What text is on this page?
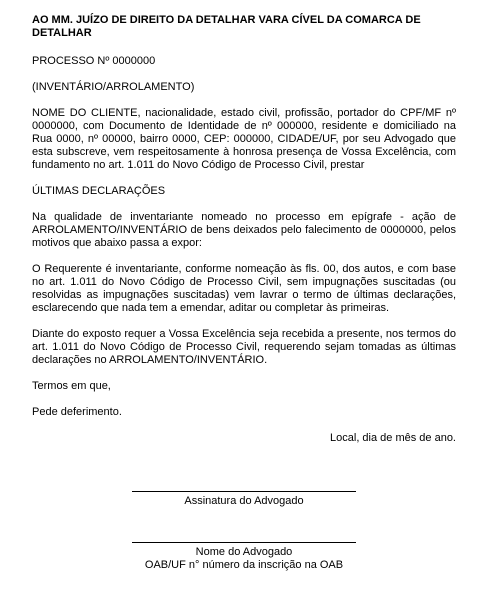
AO MM. JUÍZO DE DIREITO DA DETALHAR VARA CÍVEL DA COMARCA DE DETALHAR

PROCESSO Nº 0000000

(INVENTÁRIO/ARROLAMENTO)

NOME DO CLIENTE, nacionalidade, estado civil, profissão, portador do CPF/MF nº 0000000, com Documento de Identidade de nº 000000, residente e domiciliado na Rua 0000, nº 00000, bairro 0000, CEP: 000000, CIDADE/UF, por seu Advogado que esta subscreve, vem respeitosamente à honrosa presença de Vossa Excelência, com fundamento no art. 1.011 do Novo Código de Processo Civil, prestar

ÚLTIMAS DECLARAÇÕES

Na qualidade de inventariante nomeado no processo em epígrafe - ação de ARROLAMENTO/INVENTÁRIO de bens deixados pelo falecimento de 0000000, pelos motivos que abaixo passa a expor:

O Requerente é inventariante, conforme nomeação às fls. 00, dos autos, e com base no art. 1.011 do Novo Código de Processo Civil, sem impugnações suscitadas (ou resolvidas as impugnações suscitadas) vem lavrar o termo de últimas declarações, esclarecendo que nada tem a emendar, aditar ou completar às primeiras.

Diante do exposto requer a Vossa Excelência seja recebida a presente, nos termos do art. 1.011 do Novo Código de Processo Civil, requerendo sejam tomadas as últimas declarações no ARROLAMENTO/INVENTÁRIO.

Termos em que,

Pede deferimento.

Local, dia de mês de ano.

Assinatura do Advogado
Nome do Advogado
OAB/UF n° número da inscrição na OAB
